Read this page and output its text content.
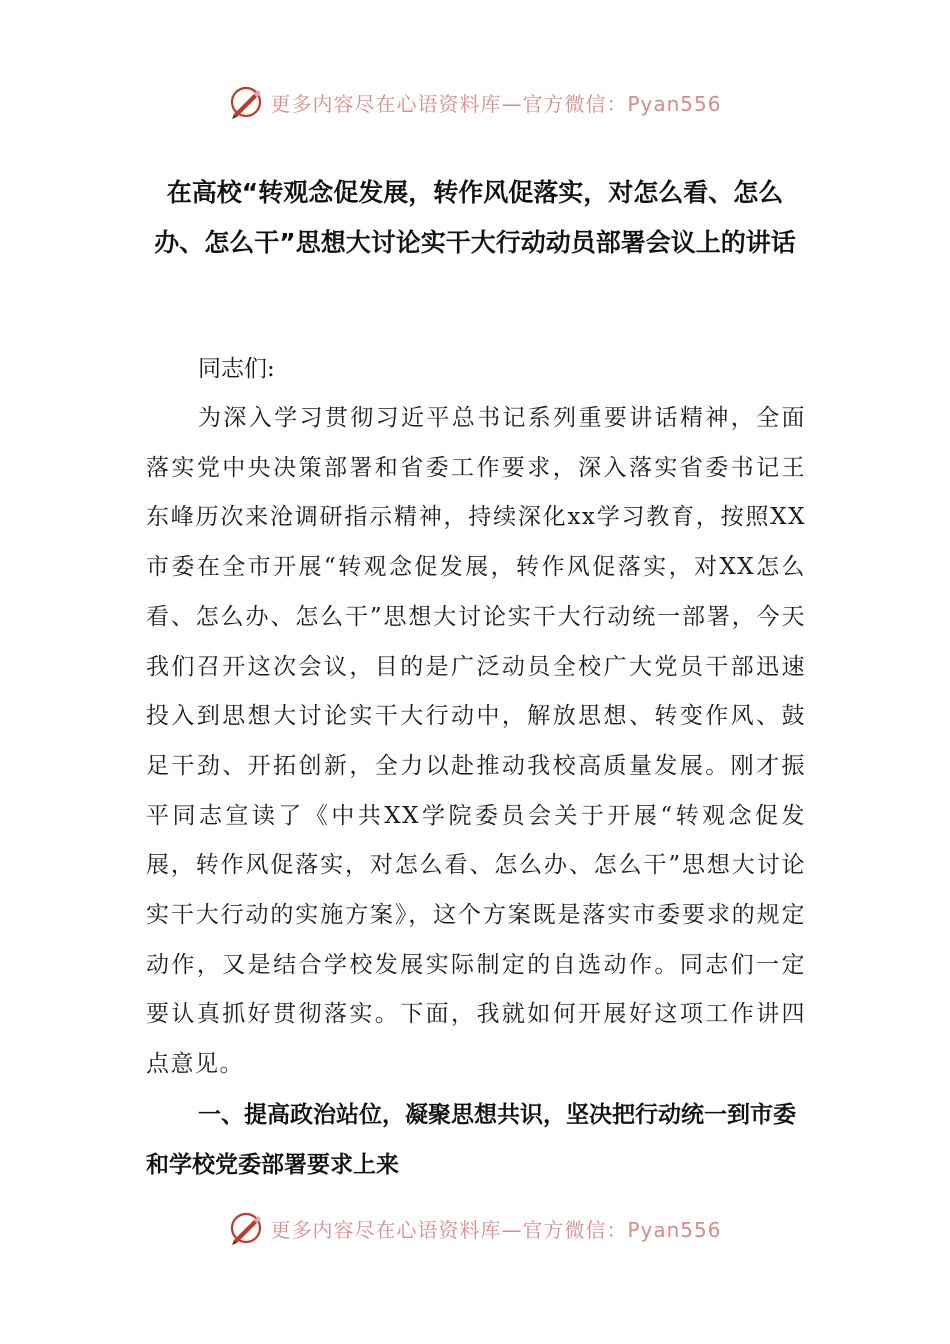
更多内容尽在心语资料库—官方微信：Pyan556
在高校“转观念促发展，转作风促落实，对怎么看、怎么办、怎么干”思想大讨论实干大行动动员部署会议上的讲话

同志们:

为深入学习贯彻习近平总书记系列重要讲话精神，全面落实党中央决策部署和省委工作要求，深入落实省委书记王东峰历次来沧调研指示精神，持续深化xx学习教育，按照XX市委在全市开展“转观念促发展，转作风促落实，对XX怎么看、怎么办、怎么干”思想大讨论实干大行动统一部署，今天我们召开这次会议，目的是广泛动员全校广大党员干部迅速投入到思想大讨论实干大行动中，解放思想、转变作风、鼓足干劲、开拓创新，全力以赴推动我校高质量发展。刚才振平同志宣读了《中共XX学院委员会关于开展“转观念促发展，转作风促落实，对怎么看、怎么办、怎么干”思想大讨论实干大行动的实施方案》，这个方案既是落实市委要求的规定动作，又是结合学校发展实际制定的自选动作。同志们一定要认真抓好贯彻落实。下面，我就如何开展好这项工作讲四点意见。

一、提高政治站位，凝聚思想共识，坚决把行动统一到市委和学校党委部署要求上来

更多内容尽在心语资料库—官方微信：Pyan556
